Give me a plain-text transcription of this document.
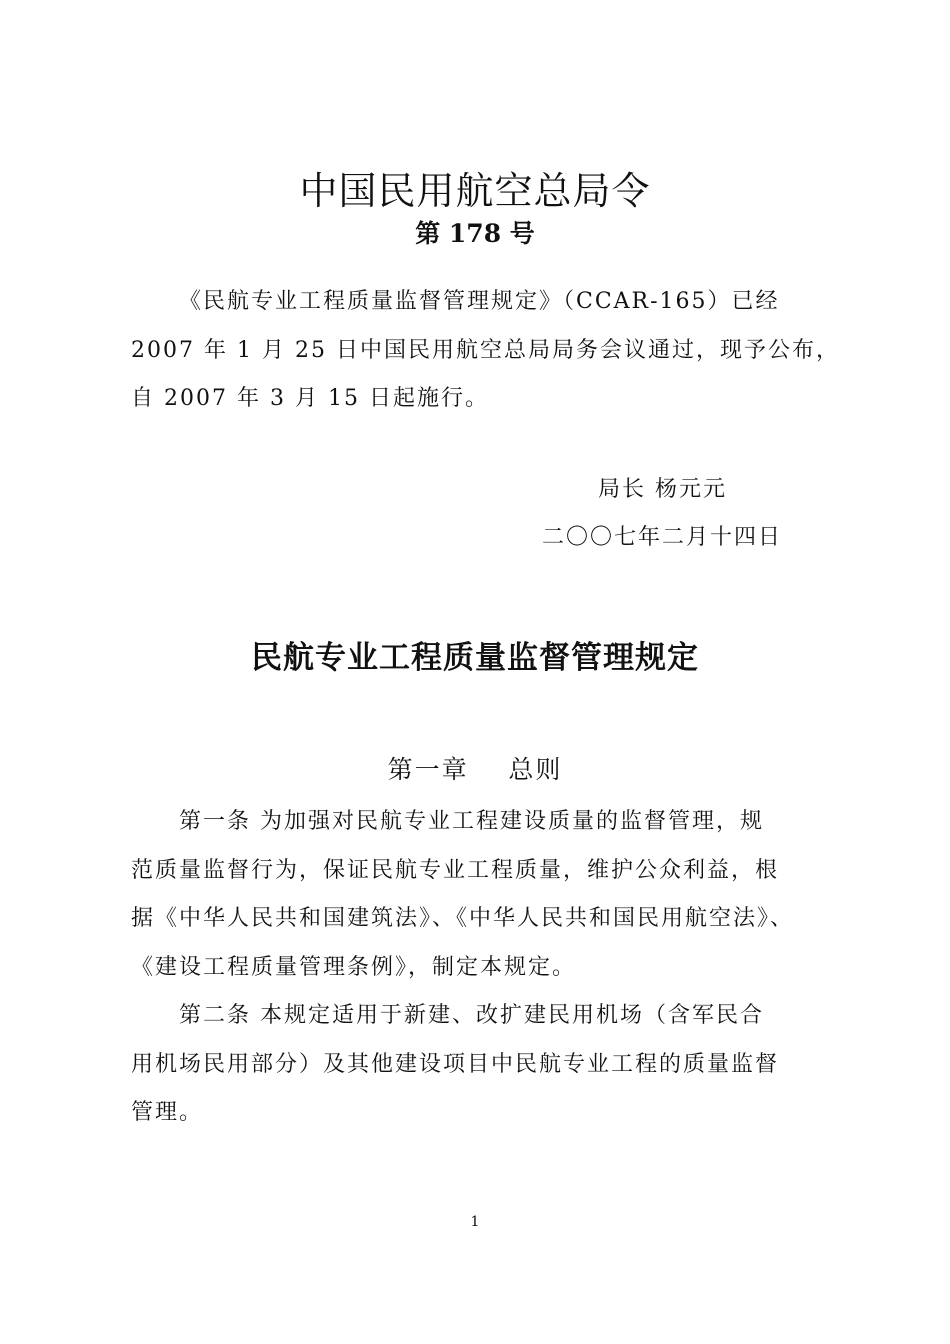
中国民用航空总局令
第 178 号
《民航专业工程质量监督管理规定》（CCAR-165）已经
2007 年 1 月 25 日中国民用航空总局局务会议通过，现予公布，
自 2007 年 3 月 15 日起施行。
局长 杨元元
二〇〇七年二月十四日
民航专业工程质量监督管理规定
第一章    总则
第一条 为加强对民航专业工程建设质量的监督管理，规
范质量监督行为，保证民航专业工程质量，维护公众利益，根
据《中华人民共和国建筑法》、《中华人民共和国民用航空法》、
《建设工程质量管理条例》，制定本规定。
第二条 本规定适用于新建、改扩建民用机场（含军民合
用机场民用部分）及其他建设项目中民航专业工程的质量监督
管理。
1
